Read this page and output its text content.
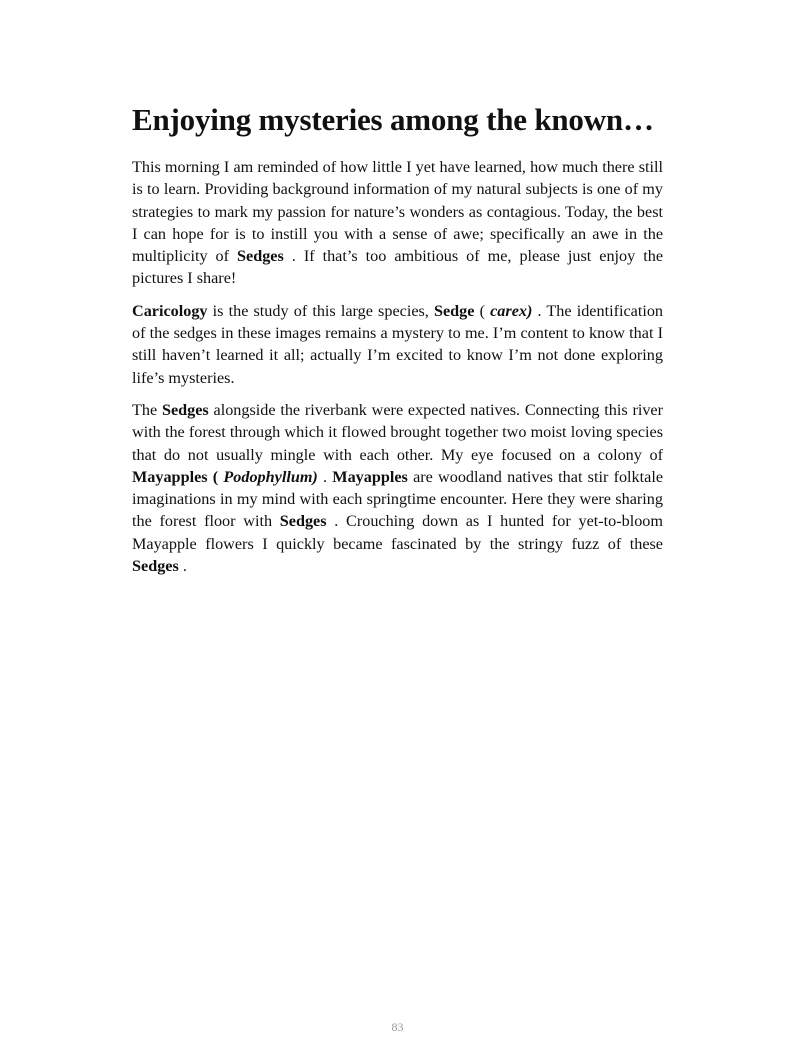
Enjoying mysteries among the known…

This morning I am reminded of how little I yet have learned, how much there still is to learn. Providing background information of my natural subjects is one of my strategies to mark my passion for nature’s wonders as contagious. Today, the best I can hope for is to instill you with a sense of awe; specifically an awe in the multiplicity of Sedges . If that’s too ambitious of me, please just enjoy the pictures I share!

Caricology is the study of this large species, Sedge ( carex) . The identification of the sedges in these images remains a mystery to me. I’m content to know that I still haven’t learned it all; actually I’m excited to know I’m not done exploring life’s mysteries.

The Sedges alongside the riverbank were expected natives. Connecting this river with the forest through which it flowed brought together two moist loving species that do not usually mingle with each other. My eye focused on a colony of Mayapples ( Podophyllum) . Mayapples are woodland natives that stir folktale imaginations in my mind with each springtime encounter. Here they were sharing the forest floor with Sedges . Crouching down as I hunted for yet-to-bloom Mayapple flowers I quickly became fascinated by the stringy fuzz of these Sedges .

83
